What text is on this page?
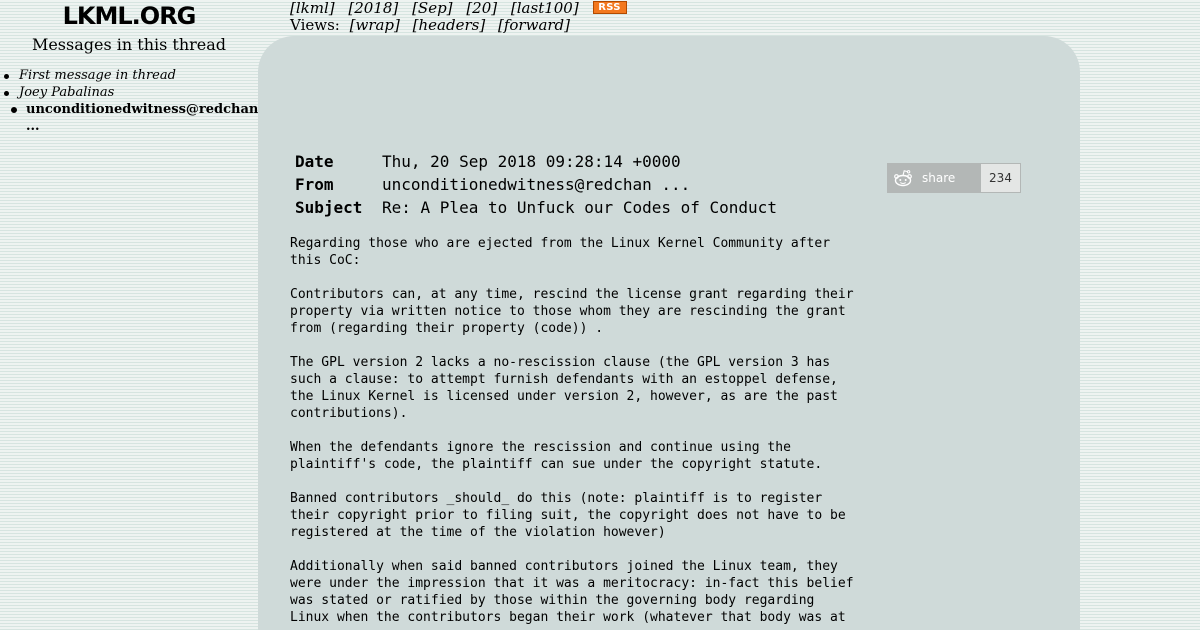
LKML.ORG
Messages in this thread
First message in thread
Joey Pabalinas
unconditionedwitness@redchan
...
[lkml] [2018] [Sep] [20] [last100] RSS
Views: [wrap] [headers] [forward]
Date	Thu, 20 Sep 2018 09:28:14 +0000
From	unconditionedwitness@redchan ...
Subject	Re: A Plea to Unfuck our Codes of Conduct
share	234
Regarding those who are ejected from the Linux Kernel Community after
this CoC:

Contributors can, at any time, rescind the license grant regarding their
property via written notice to those whom they are rescinding the grant
from (regarding their property (code)) .

The GPL version 2 lacks a no-rescission clause (the GPL version 3 has
such a clause: to attempt furnish defendants with an estoppel defense,
the Linux Kernel is licensed under version 2, however, as are the past
contributions).

When the defendants ignore the rescission and continue using the
plaintiff's code, the plaintiff can sue under the copyright statute.

Banned contributors _should_ do this (note: plaintiff is to register
their copyright prior to filing suit, the copyright does not have to be
registered at the time of the violation however)

Additionally when said banned contributors joined the Linux team, they
were under the impression that it was a meritocracy: in-fact this belief
was stated or ratified by those within the governing body regarding
Linux when the contributors began their work (whatever that body was at
